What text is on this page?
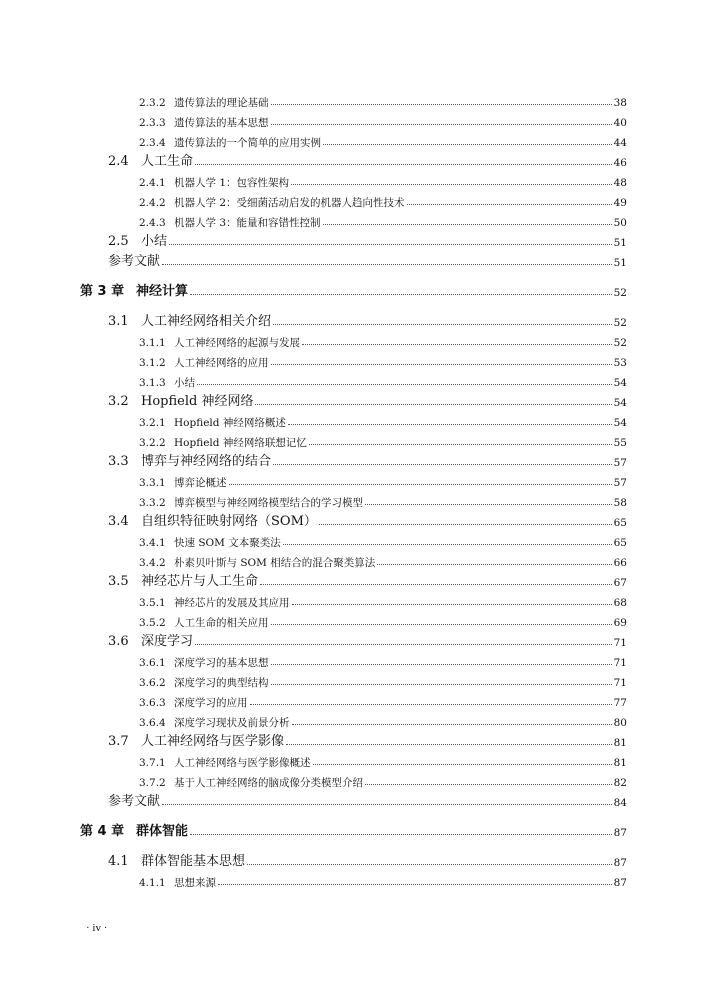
2.3.2 遗传算法的理论基础	38
2.3.3 遗传算法的基本思想	40
2.3.4 遗传算法的一个简单的应用实例	44
2.4 人工生命	46
2.4.1 机器人学 1：包容性架构	48
2.4.2 机器人学 2：受细菌活动启发的机器人趋向性技术	49
2.4.3 机器人学 3：能量和容错性控制	50
2.5 小结	51
参考文献	51
第 3 章 神经计算	52
3.1 人工神经网络相关介绍	52
3.1.1 人工神经网络的起源与发展	52
3.1.2 人工神经网络的应用	53
3.1.3 小结	54
3.2 Hopfield 神经网络	54
3.2.1 Hopfield 神经网络概述	54
3.2.2 Hopfield 神经网络联想记忆	55
3.3 博弈与神经网络的结合	57
3.3.1 博弈论概述	57
3.3.2 博弈模型与神经网络模型结合的学习模型	58
3.4 自组织特征映射网络（SOM）	65
3.4.1 快速 SOM 文本聚类法	65
3.4.2 朴素贝叶斯与 SOM 相结合的混合聚类算法	66
3.5 神经芯片与人工生命	67
3.5.1 神经芯片的发展及其应用	68
3.5.2 人工生命的相关应用	69
3.6 深度学习	71
3.6.1 深度学习的基本思想	71
3.6.2 深度学习的典型结构	71
3.6.3 深度学习的应用	77
3.6.4 深度学习现状及前景分析	80
3.7 人工神经网络与医学影像	81
3.7.1 人工神经网络与医学影像概述	81
3.7.2 基于人工神经网络的脑成像分类模型介绍	82
参考文献	84
第 4 章 群体智能	87
4.1 群体智能基本思想	87
4.1.1 思想来源	87
· iv ·
